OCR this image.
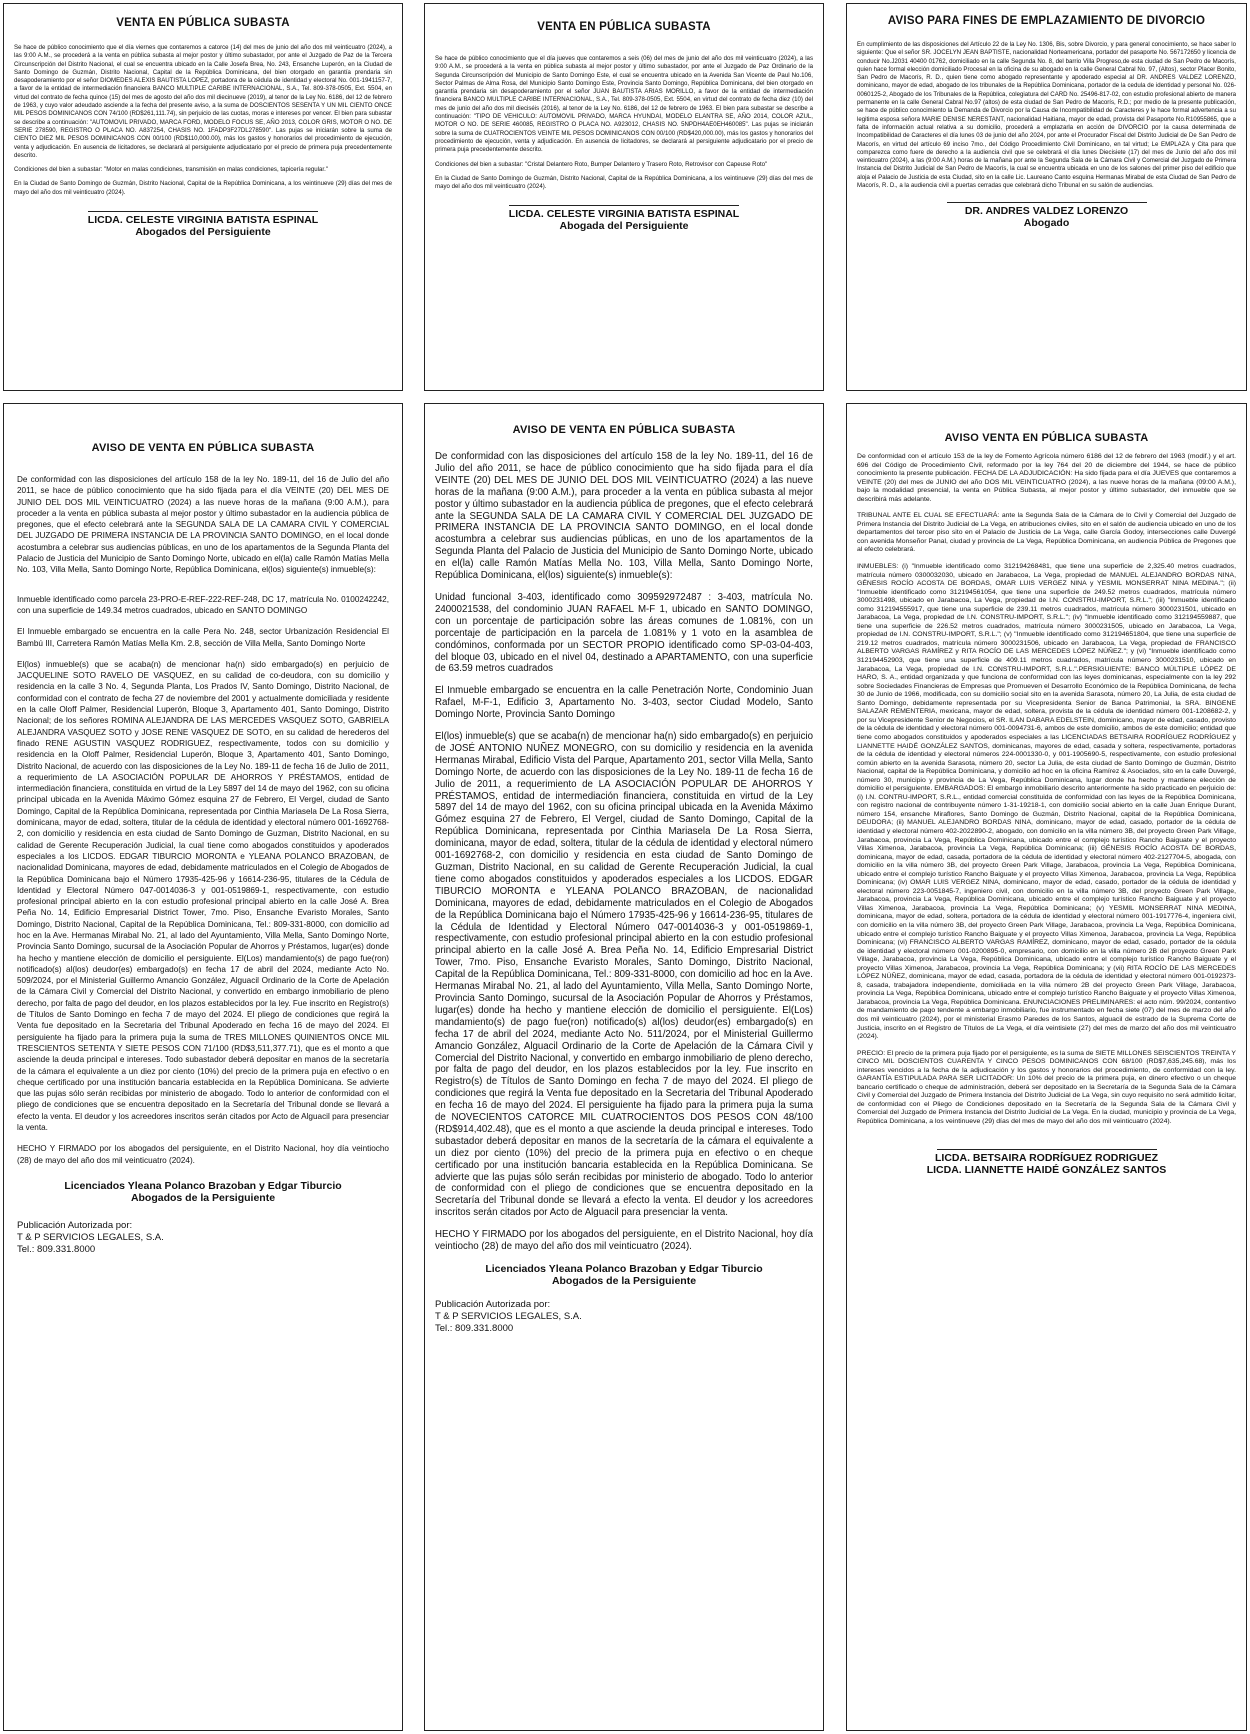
VENTA EN PÚBLICA SUBASTA

Se hace de público conocimiento que el día viernes que contaremos a catorce (14) del mes de junio del año dos mil veinticuatro (2024), a las 9:00 A.M., se procederá a la venta en pública subasta al mejor postor y último subastador, por ante el Juzgado de Paz de la Tercera Circunscripción del Distrito Nacional, el cual se encuentra ubicado en la Calle Josefa Brea, No. 243, Ensanche Luperón, en la Ciudad de Santo Domingo de Guzmán, Distrito Nacional, Capital de la República Dominicana, del bien otorgado en garantía prendaria sin desapoderamiento por el señor DIOMEDES ALEXIS BAUTISTA LOPEZ, portadora de la cédula de identidad y electoral No. 001-1941157-7, a favor de la entidad de intermediación financiera BANCO MULTIPLE CARIBE INTERNACIONAL, S.A., Tel. 809-378-0505, Ext. 5504, en virtud del contrato de fecha quince (15) del mes de agosto del año dos mil diecinueve (2019), al tenor de la Ley No. 6186, del 12 de febrero de 1963, y cuyo valor adeudado asciende a la fecha del presente aviso, a la suma de DOSCIENTOS SESENTA Y UN MIL CIENTO ONCE MIL PESOS DOMINICANOS CON 74/100 (RD$261,111.74), sin perjuicio de las cuotas, moras e intereses por vencer. El bien para subastar se describe a continuación: "AUTOMOVIL PRIVADO, MARCA FORD, MODELO FOCUS SE, AÑO 2013, COLOR GRIS, MOTOR O NO. DE SERIE 278590, REGISTRO O PLACA NO. A837254, CHASIS NO. 1FADP3F27DL278590". Las pujas se iniciarán sobre la suma de CIENTO DIEZ MIL PESOS DOMINICANOS CON 00/100 (RD$110,000.00), más los gastos y honorarios del procedimiento de ejecución, venta y adjudicación. En ausencia de licitadores, se declarará al persiguiente adjudicatario por el precio de primera puja precedentemente descrito.

Condiciones del bien a subastar: "Motor en malas condiciones, transmisión en malas condiciones, tapicería regular."

En la Ciudad de Santo Domingo de Guzmán, Distrito Nacional, Capital de la República Dominicana, a los veintinueve (29) días del mes de mayo del año dos mil veinticuatro (2024).

LICDA. CELESTE VIRGINIA BATISTA ESPINAL
Abogados del Persiguiente
VENTA EN PÚBLICA SUBASTA

Se hace de público conocimiento que el día jueves que contaremos a seis (06) del mes de junio del año dos mil veinticuatro (2024), a las 9:00 A.M., se procederá a la venta en pública subasta al mejor postor y último subastador, por ante el Juzgado de Paz Ordinario de la Segunda Circunscripción del Municipio de Santo Domingo Este, el cual se encuentra ubicado en la Avenida San Vicente de Paul No.106, Sector Palmas de Alma Rosa, del Municipio Santo Domingo Este, Provincia Santo Domingo, República Dominicana, del bien otorgado en garantía prendaria sin desapoderamiento por el señor JUAN BAUTISTA ARIAS MORILLO, a favor de la entidad de intermediación financiera BANCO MULTIPLE CARIBE INTERNACIONAL, S.A., Tel. 809-378-0505, Ext. 5504, en virtud del contrato de fecha diez (10) del mes de junio del año dos mil dieciséis (2016), al tenor de la Ley No. 6186, del 12 de febrero de 1963. El bien para subastar se describe a continuación: "TIPO DE VEHICULO: AUTOMOVIL PRIVADO, MARCA HYUNDAI, MODELO ELANTRA SE, AÑO 2014, COLOR AZUL, MOTOR O NO. DE SERIE 460085, REGISTRO O PLACA NO. A923012, CHASIS NO. 5NPDH4AE0EH460085". Las pujas se iniciarán sobre la suma de CUATROCIENTOS VEINTE MIL PESOS DOMINICANOS CON 00/100 (RD$420,000.00), más los gastos y honorarios del procedimiento de ejecución, venta y adjudicación. En ausencia de licitadores, se declarará al persiguiente adjudicatario por el precio de primera puja precedentemente descrito.

Condiciones del bien a subastar: "Cristal Delantero Roto, Bumper Delantero y Trasero Roto, Retrovisor con Capeuse Roto"

En la Ciudad de Santo Domingo de Guzmán, Distrito Nacional, Capital de la República Dominicana, a los veintinueve (29) días del mes de mayo del año dos mil veinticuatro (2024).

LICDA. CELESTE VIRGINIA BATISTA ESPINAL
Abogada del Persiguiente
AVISO PARA FINES DE EMPLAZAMIENTO DE DIVORCIO

En cumplimiento de las disposiciones del Artículo 22 de la Ley No. 1306, Bis, sobre Divorcio, y para general conocimiento, se hace saber lo siguiente: Que el señor SR. JOCELYN JEAN BAPTISTE, nacionalidad Norteamericana, portador del pasaporte No. 567172650 y licencia de conducir No.J2031 40400 01762, domiciliado en la calle Segunda No. 8, del barrio Villa Progreso,de esta ciudad de San Pedro de Macorís, quien hace formal elección domiciliado Procesal en la oficina de su abogado en la calle General Cabral No. 97, (Altos), sector Placer Bonito, San Pedro de Macorís, R. D., quien tiene como abogado representante y apoderado especial al DR. ANDRES VALDEZ LORENZO, dominicano, mayor de edad, abogado de los tribunales de la República Dominicana, portador de la cedula de identidad y personal No. 026-0060125-2, Abogado de los Tribunales de la República, colegiatura del CARD No. 25496-817-02, con estudio profesional abierto de manera permanente en la calle General Cabral No.97 (altos) de esta ciudad de San Pedro de Macorís, R.D.; por medio de la presente publicación, se hace de público conocimiento la Demanda de Divorcio por la Causa de Incompatibilidad de Caracteres y le hace formal advertencia a su legitima esposa señora MARIE DENISE NERESTANT, nacionalidad Haitiana, mayor de edad, provista del Pasaporte No.R10955865, que a falta de información actual relativa a su domicilio, procederá a emplazarla en acción de DIVORCIO por la causa determinada de Incompatibilidad de Caracteres el día lunes 03 de junio del año 2024, por ante el Procurador Fiscal del Distrito Judicial de De San Pedro de Macorís, en virtud del artículo 69 inciso 7mo., del Código Procedimiento Civil Dominicano, en tal virtud; Le EMPLAZA y Cita para que comparezca como fuere de derecho a la audiencia civil que se celebrará el día lunes Diecisiete (17) del mes de Junio del año dos mil veinticuatro (2024), a las (9:00 A.M.) horas de la mañana por ante la Segunda Sala de la Cámara Civil y Comercial del Juzgado de Primera Instancia del Distrito Judicial de San Pedro de Macorís, la cual se encuentra ubicada en uno de los salones del primer piso del edificio que aloja el Palacio de Justicia de esta Ciudad, sito en la calle Lic. Laureano Canto esquina Hermanas Mirabal de esta Ciudad de San Pedro de Macorís, R. D., a la audiencia civil a puertas cerradas que celebrará dicho Tribunal en su salón de audiencias.

DR. ANDRES VALDEZ LORENZO
Abogado
AVISO DE VENTA EN PÚBLICA SUBASTA

De conformidad con las disposiciones del artículo 158 de la ley No. 189-11, del 16 de Julio del año 2011, se hace de público conocimiento que ha sido fijada para el día VEINTE (20) DEL MES DE JUNIO DEL DOS MIL VEINTICUATRO (2024) a las nueve horas de la mañana (9:00 A.M.), para proceder a la venta en pública subasta al mejor postor y último subastador en la audiencia pública de pregones, que el efecto celebrará ante la SEGUNDA SALA DE LA CAMARA CIVIL Y COMERCIAL DEL JUZGADO DE PRIMERA INSTANCIA DE LA PROVINCIA SANTO DOMINGO, en el local donde acostumbra a celebrar sus audiencias públicas, en uno de los apartamentos de la Segunda Planta del Palacio de Justicia del Municipio de Santo Domingo Norte, ubicado en el(la) calle Ramón Matías Mella No. 103, Villa Mella, Santo Domingo Norte, República Dominicana, el(los) siguiente(s) inmueble(s):

Inmueble identificado como parcela 23-PRO-E-REF-222-REF-248, DC 17, matrícula No. 0100242242, con una superficie de 149.34 metros cuadrados, ubicado en SANTO DOMINGO

El Inmueble embargado se encuentra en la calle Pera No. 248, sector Urbanización Residencial El Bambú III, Carretera Ramón Matías Mella Km. 2.8, sección de Villa Mella, Santo Domingo Norte

El(los) inmueble(s) que se acaba(n) de mencionar ha(n) sido embargado(s) en perjuicio de JACQUELINE SOTO RAVELO DE VASQUEZ, en su calidad de co-deudora, con su domicilio y residencia en la calle 3 No. 4, Segunda Planta, Los Prados IV, Santo Domingo, Distrito Nacional, de conformidad con el contrato de fecha 27 de noviembre del 2001 y actualmente domiciliada y residente en la calle Oloff Palmer, Residencial Luperón, Bloque 3, Apartamento 401, Santo Domingo, Distrito Nacional; de los señores ROMINA ALEJANDRA DE LAS MERCEDES VASQUEZ SOTO, GABRIELA ALEJANDRA VASQUEZ SOTO y JOSE RENE VASQUEZ DE SOTO, en su calidad de herederos del finado RENE AGUSTIN VASQUEZ RODRIGUEZ, respectivamente, todos con su domicilio y residencia en la Oloff Palmer, Residencial Luperón, Bloque 3, Apartamento 401, Santo Domingo, Distrito Nacional, de acuerdo con las disposiciones de la Ley No. 189-11 de fecha 16 de Julio de 2011, a requerimiento de LA ASOCIACIÓN POPULAR DE AHORROS Y PRÉSTAMOS, entidad de intermediación financiera, constituida en virtud de la Ley 5897 del 14 de mayo del 1962, con su oficina principal ubicada en la Avenida Máximo Gómez esquina 27 de Febrero, El Vergel, ciudad de Santo Domingo, Capital de la República Dominicana, representada por Cinthia Mariasela De La Rosa Sierra, dominicana, mayor de edad, soltera, titular de la cédula de identidad y electoral número 001-1692768-2, con domicilio y residencia en esta ciudad de Santo Domingo de Guzman, Distrito Nacional, en su calidad de Gerente Recuperación Judicial, la cual tiene como abogados constituidos y apoderados especiales a los LICDOS. EDGAR TIBURCIO MORONTA e YLEANA POLANCO BRAZOBAN, de nacionalidad Dominicana, mayores de edad, debidamente matriculados en el Colegio de Abogados de la República Dominicana bajo el Número 17935-425-96 y 16614-236-95, titulares de la Cédula de Identidad y Electoral Número 047-0014036-3 y 001-0519869-1, respectivamente, con estudio profesional principal abierto en la con estudio profesional principal abierto en la calle José A. Brea Peña No. 14, Edificio Empresarial District Tower, 7mo. Piso, Ensanche Evaristo Morales, Santo Domingo, Distrito Nacional, Capital de la República Dominicana, Tel.: 809-331-8000, con domicilio ad hoc en la Ave. Hermanas Mirabal No. 21, al lado del Ayuntamiento, Villa Mella, Santo Domingo Norte, Provincia Santo Domingo, sucursal de la Asociación Popular de Ahorros y Préstamos, lugar(es) donde ha hecho y mantiene elección de domicilio el persiguiente. El(Los) mandamiento(s) de pago fue(ron) notificado(s) al(los) deudor(es) embargado(s) en fecha 17 de abril del 2024, mediante Acto No. 509/2024, por el Ministerial Guillermo Amancio González, Alguacil Ordinario de la Corte de Apelación de la Cámara Civil y Comercial del Distrito Nacional, y convertido en embargo inmobiliario de pleno derecho, por falta de pago del deudor, en los plazos establecidos por la ley. Fue inscrito en Registro(s) de Títulos de Santo Domingo en fecha 7 de mayo del 2024. El pliego de condiciones que regirá la Venta fue depositado en la Secretaria del Tribunal Apoderado en fecha 16 de mayo del 2024. El persiguiente ha fijado para la primera puja la suma de TRES MILLONES QUINIENTOS ONCE MIL TRESCIENTOS SETENTA Y SIETE PESOS CON 71/100 (RD$3,511,377.71), que es el monto a que asciende la deuda principal e intereses. Todo subastador deberá depositar en manos de la secretaría de la cámara el equivalente a un diez por ciento (10%) del precio de la primera puja en efectivo o en cheque certificado por una institución bancaria establecida en la República Dominicana. Se advierte que las pujas sólo serán recibidas por ministerio de abogado. Todo lo anterior de conformidad con el pliego de condiciones que se encuentra depositado en la Secretaría del Tribunal donde se llevará a efecto la venta. El deudor y los acreedores inscritos serán citados por Acto de Alguacil para presenciar la venta.

HECHO Y FIRMADO por los abogados del persiguiente, en el Distrito Nacional, hoy día veintiocho (28) de mayo del año dos mil veinticuatro (2024).

Licenciados Yleana Polanco Brazoban y Edgar Tiburcio
Abogados de la Persiguiente
Publicación Autorizada por:
T & P SERVICIOS LEGALES, S.A.
Tel.: 809.331.8000
AVISO DE VENTA EN PÚBLICA SUBASTA

De conformidad con las disposiciones del artículo 158 de la ley No. 189-11, del 16 de Julio del año 2011, se hace de público conocimiento que ha sido fijada para el día VEINTE (20) DEL MES DE JUNIO DEL DOS MIL VEINTICUATRO (2024) a las nueve horas de la mañana (9:00 A.M.), para proceder a la venta en pública subasta al mejor postor y último subastador en la audiencia pública de pregones, que el efecto celebrará ante la SEGUNDA SALA DE LA CAMARA CIVIL Y COMERCIAL DEL JUZGADO DE PRIMERA INSTANCIA DE LA PROVINCIA SANTO DOMINGO, en el local donde acostumbra a celebrar sus audiencias públicas, en uno de los apartamentos de la Segunda Planta del Palacio de Justicia del Municipio de Santo Domingo Norte, ubicado en el(la) calle Ramón Matías Mella No. 103, Villa Mella, Santo Domingo Norte, República Dominicana, el(los) siguiente(s) inmueble(s):

Unidad funcional 3-403, identificado como 309592972487 : 3-403, matrícula No. 2400021538, del condominio JUAN RAFAEL M-F 1, ubicado en SANTO DOMINGO, con un porcentaje de participación sobre las áreas comunes de 1.081%, con un porcentaje de participación en la parcela de 1.081% y 1 voto en la asamblea de condóminos, conformada por un SECTOR PROPIO identificado como SP-03-04-403, del bloque 03, ubicado en el nivel 04, destinado a APARTAMENTO, con una superficie de 63.59 metros cuadrados

El Inmueble embargado se encuentra en la calle Penetración Norte, Condominio Juan Rafael, M-F-1, Edificio 3, Apartamento No. 3-403, sector Ciudad Modelo, Santo Domingo Norte, Provincia Santo Domingo

El(los) inmueble(s) que se acaba(n) de mencionar ha(n) sido embargado(s) en perjuicio de JOSÉ ANTONIO NUÑEZ MONEGRO, con su domicilio y residencia en la avenida Hermanas Mirabal, Edificio Vista del Parque, Apartamento 201, sector Villa Mella, Santo Domingo Norte, de acuerdo con las disposiciones de la Ley No. 189-11 de fecha 16 de Julio de 2011, a requerimiento de LA ASOCIACIÓN POPULAR DE AHORROS Y PRÉSTAMOS, entidad de intermediación financiera, constituida en virtud de la Ley 5897 del 14 de mayo del 1962, con su oficina principal ubicada en la Avenida Máximo Gómez esquina 27 de Febrero, El Vergel, ciudad de Santo Domingo, Capital de la República Dominicana, representada por Cinthia Mariasela De La Rosa Sierra, dominicana, mayor de edad, soltera, titular de la cédula de identidad y electoral número 001-1692768-2, con domicilio y residencia en esta ciudad de Santo Domingo de Guzman, Distrito Nacional, en su calidad de Gerente Recuperación Judicial, la cual tiene como abogados constituidos y apoderados especiales a los LICDOS. EDGAR TIBURCIO MORONTA e YLEANA POLANCO BRAZOBAN, de nacionalidad Dominicana, mayores de edad, debidamente matriculados en el Colegio de Abogados de la República Dominicana bajo el Número 17935-425-96 y 16614-236-95, titulares de la Cédula de Identidad y Electoral Número 047-0014036-3 y 001-0519869-1, respectivamente, con estudio profesional principal abierto en la con estudio profesional principal abierto en la calle José A. Brea Peña No. 14, Edificio Empresarial District Tower, 7mo. Piso, Ensanche Evaristo Morales, Santo Domingo, Distrito Nacional, Capital de la República Dominicana, Tel.: 809-331-8000, con domicilio ad hoc en la Ave. Hermanas Mirabal No. 21, al lado del Ayuntamiento, Villa Mella, Santo Domingo Norte, Provincia Santo Domingo, sucursal de la Asociación Popular de Ahorros y Préstamos, lugar(es) donde ha hecho y mantiene elección de domicilio el persiguiente. El(Los) mandamiento(s) de pago fue(ron) notificado(s) al(los) deudor(es) embargado(s) en fecha 17 de abril del 2024, mediante Acto No. 511/2024, por el Ministerial Guillermo Amancio González, Alguacil Ordinario de la Corte de Apelación de la Cámara Civil y Comercial del Distrito Nacional, y convertido en embargo inmobiliario de pleno derecho, por falta de pago del deudor, en los plazos establecidos por la ley. Fue inscrito en Registro(s) de Títulos de Santo Domingo en fecha 7 de mayo del 2024. El pliego de condiciones que regirá la Venta fue depositado en la Secretaria del Tribunal Apoderado en fecha 16 de mayo del 2024. El persiguiente ha fijado para la primera puja la suma de NOVECIENTOS CATORCE MIL CUATROCIENTOS DOS PESOS CON 48/100 (RD$914,402.48), que es el monto a que asciende la deuda principal e intereses. Todo subastador deberá depositar en manos de la secretaría de la cámara el equivalente a un diez por ciento (10%) del precio de la primera puja en efectivo o en cheque certificado por una institución bancaria establecida en la República Dominicana. Se advierte que las pujas sólo serán recibidas por ministerio de abogado. Todo lo anterior de conformidad con el pliego de condiciones que se encuentra depositado en la Secretaría del Tribunal donde se llevará a efecto la venta. El deudor y los acreedores inscritos serán citados por Acto de Alguacil para presenciar la venta.

HECHO Y FIRMADO por los abogados del persiguiente, en el Distrito Nacional, hoy día veintiocho (28) de mayo del año dos mil veinticuatro (2024).

Licenciados Yleana Polanco Brazoban y Edgar Tiburcio
Abogados de la Persiguiente
Publicación Autorizada por:
T & P SERVICIOS LEGALES, S.A.
Tel.: 809.331.8000
AVISO VENTA EN PÚBLICA SUBASTA

De conformidad con el artículo 153 de la ley de Fomento Agrícola número 6186 del 12 de febrero del 1963 (modif.) y el art. 696 del Código de Procedimiento Civil, reformado por la ley 764 del 20 de diciembre del 1944, se hace de público conocimiento la presente publicación. FECHA DE LA ADJUDICACIÓN: Ha sido fijada para el día JUEVES que contaremos a VEINTE (20) del mes de JUNIO del año DOS MIL VEINTICUATRO (2024), a las nueve horas de la mañana (09:00 A.M.), bajo la modalidad presencial, la venta en Pública Subasta, al mejor postor y último subastador, del inmueble que se describirá más adelante.

TRIBUNAL ANTE EL CUAL SE EFECTUARÁ: ante la Segunda Sala de la Cámara de lo Civil y Comercial del Juzgado de Primera Instancia del Distrito Judicial de La Vega, en atribuciones civiles, sito en el salón de audiencia ubicado en uno de los departamentos del tercer piso sito en el Palacio de Justicia de La Vega, calle García Godoy, intersecciones calle Duvergé con avenida Monseñor Panal, ciudad y provincia de La Vega, República Dominicana, en audiencia Pública de Pregones que al efecto celebrará.

INMUEBLES: (i) "Inmueble identificado como 312194268481, que tiene una superficie de 2,325.40 metros cuadrados, matrícula número 0300032030, ubicado en Jarabacoa, La Vega, propiedad de MANUEL ALEJANDRO BORDAS NINA, GÉNESIS ROCÍO ACOSTA DE BORDAS, OMAR LUIS VERGEZ NINA y YESMIL MONSERRAT NINA MEDINA."; (ii) "Inmueble identificado como 312194561054, que tiene una superficie de 249.52 metros cuadrados, matrícula número 3000231498, ubicado en Jarabacoa, La Vega, propiedad de I.N. CONSTRU-IMPORT, S.R.L."; (iii) "Inmueble identificado como 312194555917, que tiene una superficie de 239.11 metros cuadrados, matrícula número 3000231501, ubicado en Jarabacoa, La Vega, propiedad de I.N. CONSTRU-IMPORT, S.R.L."; (iv) "Inmueble identificado como 312194559887, que tiene una superficie de 226.52 metros cuadrados, matrícula número 3000231505, ubicado en Jarabacoa, La Vega, propiedad de I.N. CONSTRU-IMPORT, S.R.L."; (v) "Inmueble identificado como 312194651804, que tiene una superficie de 219.12 metros cuadrados, matrícula número 3000231506, ubicado en Jarabacoa, La Vega, propiedad de FRANCISCO ALBERTO VARGAS RAMÍREZ y RITA ROCÍO DE LAS MERCEDES LÓPEZ NÚÑEZ."; y (vi) "Inmueble identificado como 312194452903, que tiene una superficie de 409.11 metros cuadrados, matrícula número 3000231510, ubicado en Jarabacoa, La Vega, propiedad de I.N. CONSTRU-IMPORT, S.R.L.".PERSIGUIENTE: BANCO MÚLTIPLE LÓPEZ DE HARO, S. A., entidad organizada y que funciona de conformidad con las leyes dominicanas, especialmente con la ley 292 sobre Sociedades Financieras de Empresas que Promueven el Desarrollo Económico de la República Dominicana, de fecha 30 de Junio de 1966, modificada, con su domicilio social sito en la avenida Sarasota, número 20, La Julia, de esta ciudad de Santo Domingo, debidamente representada por su Vicepresidenta Senior de Banca Patrimonial, la SRA. BINGENE SALAZAR REMENTERIA, mexicana, mayor de edad, soltera, provista de la cédula de identidad número 001-1208682-2, y por su Vicepresidente Senior de Negocios, el SR. ILAN DABARA EDELSTEIN, dominicano, mayor de edad, casado, provisto de la cédula de identidad y electoral número 001-0094731-6, ambos de este domicilio, ambos de este domicilio; entidad que tiene como abogados constituidos y apoderados especiales a las LICENCIADAS BETSAIRA RODRÍGUEZ RODRÍGUEZ y LIANNETTE HAIDÉ GONZÁLEZ SANTOS, dominicanas, mayores de edad, casada y soltera, respectivamente, portadoras de la cédula de identidad y electoral números 224-0001330-0, y 001-1905690-5, respectivamente, con estudio profesional común abierto en la avenida Sarasota, número 20, sector La Julia, de esta ciudad de Santo Domingo de Guzmán, Distrito Nacional, capital de la República Dominicana, y domicilio ad hoc en la oficina Ramírez & Asociados, sito en la calle Duvergé, número 30, municipio y provincia de La Vega, República Dominicana, lugar donde ha hecho y mantiene elección de domicilio el persiguiente. EMBARGADOS: El embargo inmobiliario descrito anteriormente ha sido practicado en perjuicio de: (i) I.N. CONTRU-IMPORT, S.R.L., entidad comercial constituida de conformidad con las leyes de la República Dominicana, con registro nacional de contribuyente número 1-31-19218-1, con domicilio social abierto en la calle Juan Enrique Durant, número 154, ensanche Miraflores, Santo Domingo de Guzmán, Distrito Nacional, capital de la República Dominicana, DEUDORA; (ii) MANUEL ALEJANDRO BORDAS NINA, dominicano, mayor de edad, casado, portador de la cédula de identidad y electoral número 402-2022890-2, abogado, con domicilio en la villa número 3B, del proyecto Green Park Village, Jarabacoa, provincia La Vega, República Dominicana, ubicado entre el complejo turístico Rancho Baiguate y el proyecto Villas Ximenoa, Jarabacoa, provincia La Vega, República Dominicana; (iii) GÉNESIS ROCÍO ACOSTA DE BORDAS, dominicana, mayor de edad, casada, portadora de la cédula de identidad y electoral número 402-2127704-5, abogada, con domicilio en la villa número 3B, del proyecto Green Park Village, Jarabacoa, provincia La Vega, República Dominicana, ubicado entre el complejo turístico Rancho Baiguate y el proyecto Villas Ximenoa, Jarabacoa, provincia La Vega, República Dominicana; (iv) OMAR LUIS VERGEZ NINA, dominicano, mayor de edad, casado, portador de la cédula de identidad y electoral número 223-0051845-7, ingeniero civil, con domicilio en la villa número 3B, del proyecto Green Park Village, Jarabacoa, provincia La Vega, República Dominicana, ubicado entre el complejo turístico Rancho Baiguate y el proyecto Villas Ximenoa, Jarabacoa, provincia La Vega, República Dominicana; (v) YESMIL MONSERRAT NINA MEDINA, dominicana, mayor de edad, soltera, portadora de la cédula de identidad y electoral número 001-1917776-4, ingeniera civil, con domicilio en la villa número 3B, del proyecto Green Park Village, Jarabacoa, provincia La Vega, República Dominicana, ubicado entre el complejo turístico Rancho Baiguate y el proyecto Villas Ximenoa, Jarabacoa, provincia La Vega, República Dominicana; (vi) FRANCISCO ALBERTO VARGAS RAMÍREZ, dominicano, mayor de edad, casado, portador de la cédula de identidad y electoral número 001-0200895-0, empresario, con domicilio en la villa número 2B del proyecto Green Park Village, Jarabacoa, provincia La Vega, República Dominicana, ubicado entre el complejo turístico Rancho Baiguate y el proyecto Villas Ximenoa, Jarabacoa, provincia La Vega, República Dominicana; y (vii) RITA ROCÍO DE LAS MERCEDES LÓPEZ NÚÑEZ, dominicana, mayor de edad, casada, portadora de la cédula de identidad y electoral número 001-0192373-8, casada, trabajadora independiente, domiciliada en la villa número 2B del proyecto Green Park Village, Jarabacoa, provincia La Vega, República Dominicana, ubicado entre el complejo turístico Rancho Baiguate y el proyecto Villas Ximenoa, Jarabacoa, provincia La Vega, República Dominicana. ENUNCIACIONES PRELIMINARES: el acto núm. 99/2024, contentivo de mandamiento de pago tendente a embargo inmobiliario, fue instrumentado en fecha siete (07) del mes de marzo del año dos mil veinticuatro (2024), por el ministerial Erasmo Paredes de los Santos, alguacil de estrado de la Suprema Corte de Justicia, inscrito en el Registro de Títulos de La Vega, el día veintisiete (27) del mes de marzo del año dos mil veinticuatro (2024).

PRECIO: El precio de la primera puja fijado por el persiguiente, es la suma de SIETE MILLONES SEISCIENTOS TREINTA Y CINCO MIL DOSCIENTOS CUARENTA Y CINCO PESOS DOMINICANOS CON 68/100 (RD$7,635,245.68), más los intereses vencidos a la fecha de la adjudicación y los gastos y honorarios del procedimiento, de conformidad con la ley. GARANTÍA ESTIPULADA PARA SER LICITADOR: Un 10% del precio de la primera puja, en dinero efectivo o un cheque bancario certificado o cheque de administración, deberá ser depositado en la Secretaría de la Segunda Sala de la Cámara Civil y Comercial del Juzgado de Primera Instancia del Distrito Judicial de La Vega, sin cuyo requisito no será admitido licitar, de conformidad con el Pliego de Condiciones depositado en la Secretaría de la Segunda Sala de la Cámara Civil y Comercial del Juzgado de Primera Instancia del Distrito Judicial de La Vega. En la ciudad, municipio y provincia de La Vega, República Dominicana, a los veintinueve (29) días del mes de mayo del año dos mil veinticuatro (2024).

LICDA. BETSAIRA RODRÍGUEZ RODRIGUEZ
LICDA. LIANNETTE HAIDÉ GONZÁLEZ SANTOS
